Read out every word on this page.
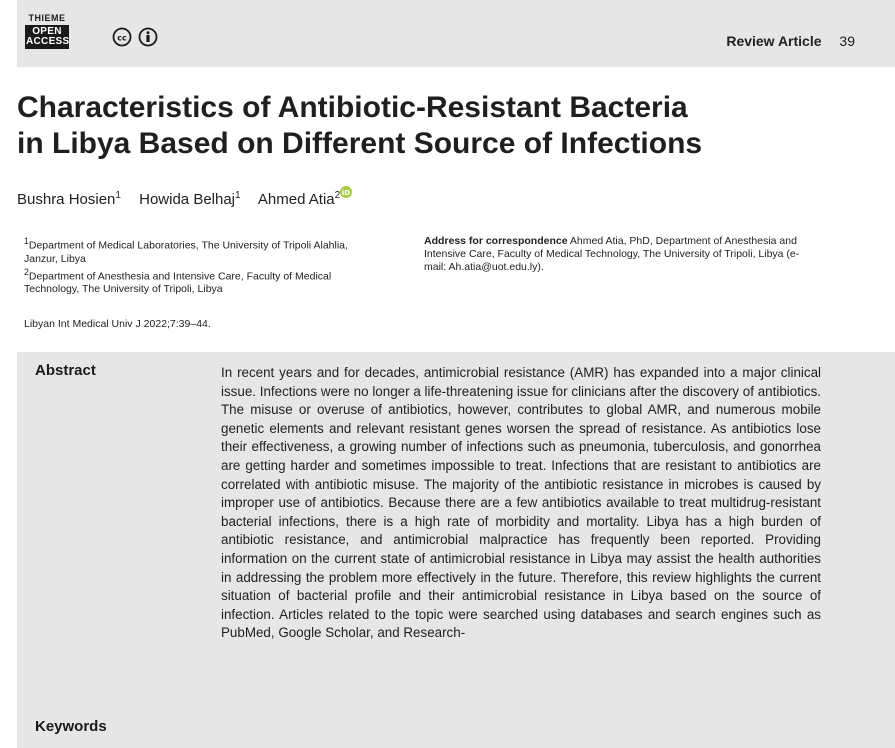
THIEME
OPEN
ACCESS	cc	Review Article 39
Characteristics of Antibiotic-Resistant Bacteria
in Libya Based on Different Source of Infections
Bushra Hosien$^1$ Howida Belhaj$^1$ Ahmed Atia$^2$ iD

$^1$Department of Medical Laboratories, The University of Tripoli Alahlia, Janzur, Libya

$^2$Department of Anesthesia and Intensive Care, Faculty of Medical Technology, The University of Tripoli, Libya

Address for correspondence Ahmed Atia, PhD, Department of Anesthesia and Intensive Care, Faculty of Medical Technology, The University of Tripoli, Libya (e-mail: Ah.atia@uot.edu.ly).
Libyan Int Medical Univ J 2022;7:39–44.
Abstract	In recent years and for decades, antimicrobial resistance (AMR) has expanded into a major clinical issue. Infections were no longer a life-threatening issue for clinicians after the discovery of antibiotics. The misuse or overuse of antibiotics, however, contributes to global AMR, and numerous mobile genetic elements and relevant resistant genes worsen the spread of resistance. As antibiotics lose their effectiveness, a growing number of infections such as pneumonia, tuberculosis, and gonorrhea are getting harder and sometimes impossible to treat. Infections that are resistant to antibiotics are correlated with antibiotic misuse. The majority of the antibiotic resistance in microbes is caused by improper use of antibiotics. Because there are a few antibiotics available to treat multidrug-resistant bacterial infections, there is a high rate of morbidity and mortality. Libya has a high burden of antibiotic resistance, and antimicrobial malpractice has frequently been reported. Providing information on the current state of antimicrobial resistance in Libya may assist the health authorities in addressing the problem more effectively in the future. Therefore, this review highlights the current situation of bacterial profile and their antimicrobial resistance in Libya based on the source of infection. Articles related to the topic were searched using databases and search engines such as PubMed, Google Scholar, and Research-

Keywords
